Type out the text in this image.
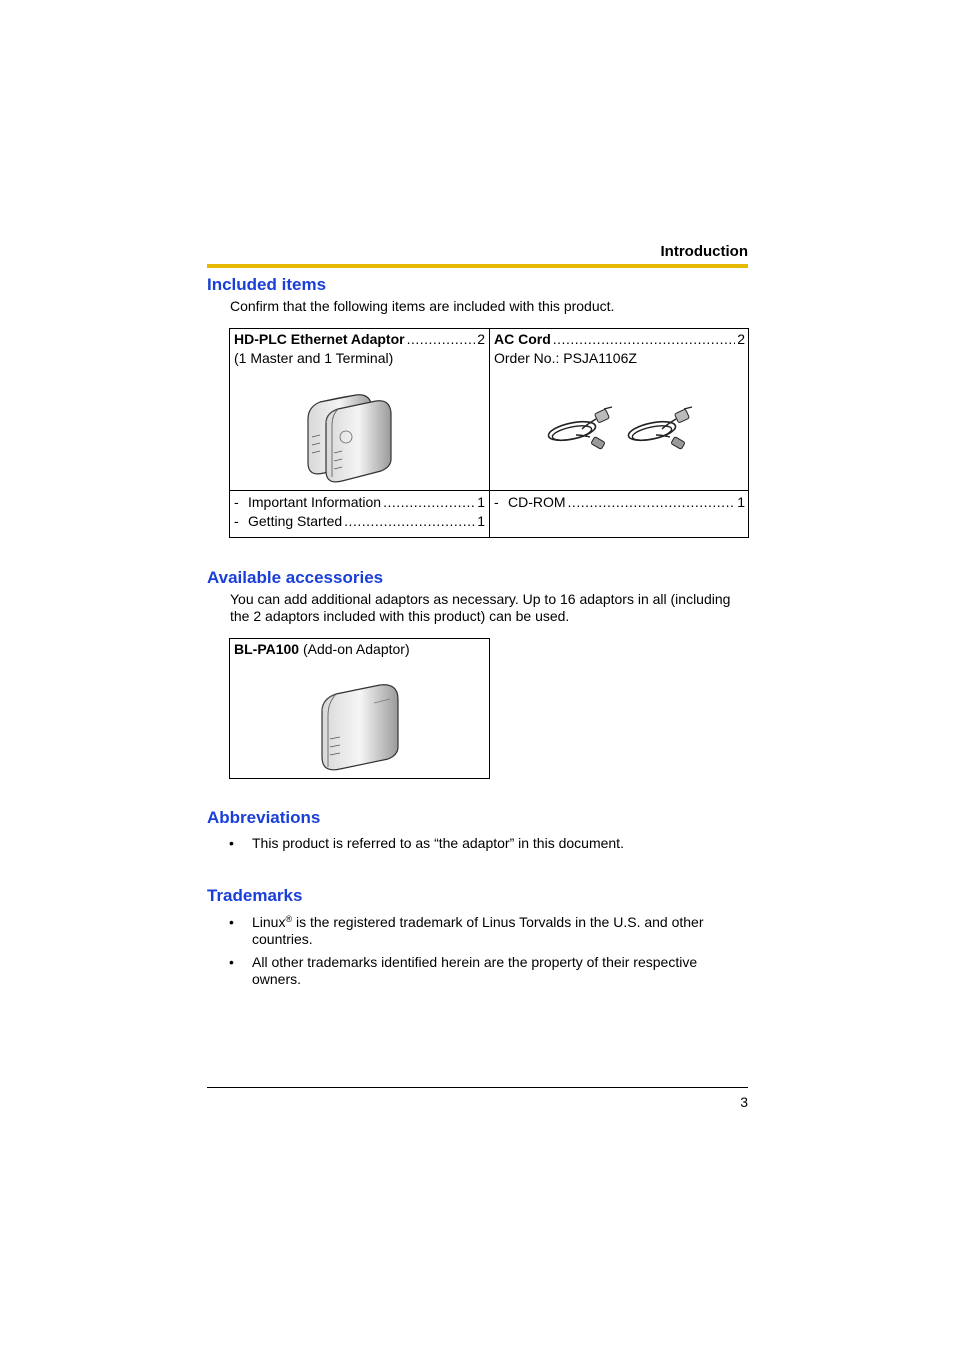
Introduction
Included items
Confirm that the following items are included with this product.
HD-PLC Ethernet Adaptor .....	2
(1 Master and 1 Terminal)
AC Cord .....	2
Order No.: PSJA1106Z
- Important Information .....	1
- Getting Started .....	1
- CD-ROM .....	1
Available accessories
You can add additional adaptors as necessary. Up to 16 adaptors in all (including
the 2 adaptors included with this product) can be used.
BL-PA100 (Add-on Adaptor)
Abbreviations
• This product is referred to as “the adaptor” in this document.
Trademarks
• Linux® is the registered trademark of Linus Torvalds in the U.S. and other
countries.
• All other trademarks identified herein are the property of their respective
owners.
3
